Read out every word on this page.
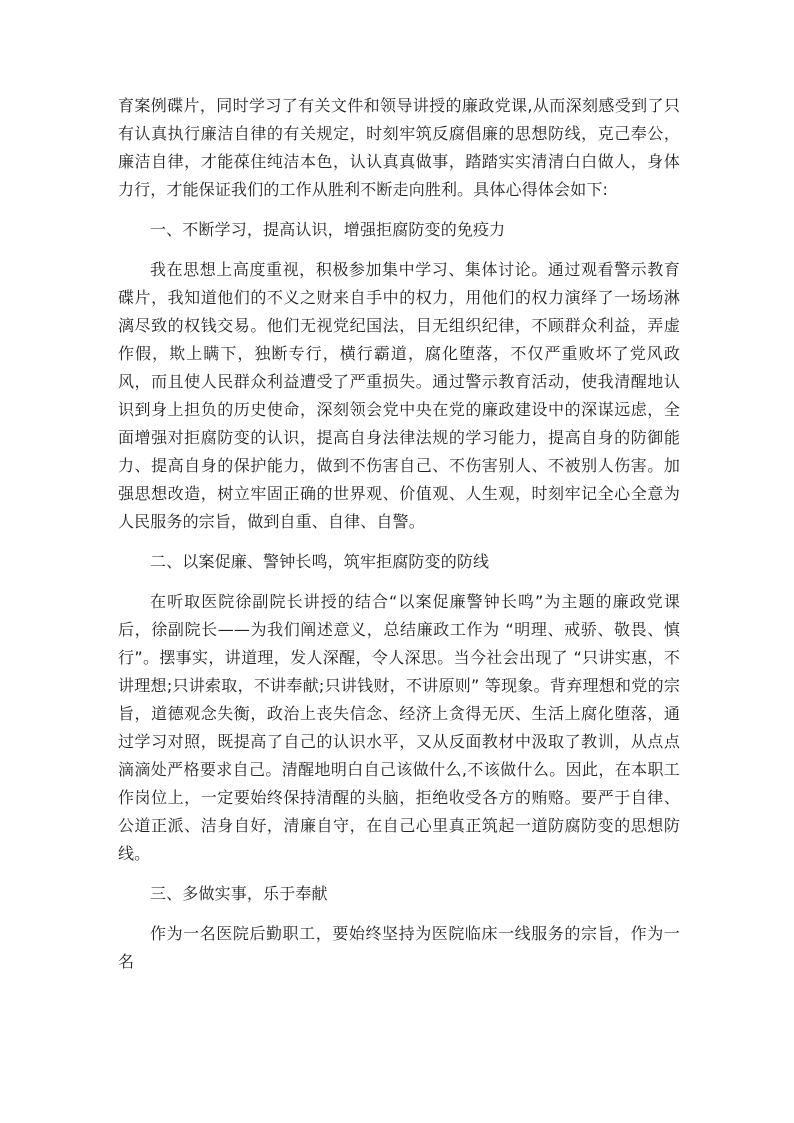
育案例碟片，同时学习了有关文件和领导讲授的廉政党课,从而深刻感受到了只有认真执行廉洁自律的有关规定，时刻牢筑反腐倡廉的思想防线，克己奉公，廉洁自律，才能葆住纯洁本色，认认真真做事，踏踏实实清清白白做人，身体力行，才能保证我们的工作从胜利不断走向胜利。具体心得体会如下:

一、不断学习，提高认识，增强拒腐防变的免疫力

我在思想上高度重视，积极参加集中学习、集体讨论。通过观看警示教育碟片，我知道他们的不义之财来自手中的权力，用他们的权力演绎了一场场淋漓尽致的权钱交易。他们无视党纪国法，目无组织纪律，不顾群众利益，弄虚作假，欺上瞒下，独断专行，横行霸道，腐化堕落，不仅严重败坏了党风政风，而且使人民群众利益遭受了严重损失。通过警示教育活动，使我清醒地认识到身上担负的历史使命，深刻领会党中央在党的廉政建设中的深谋远虑，全面增强对拒腐防变的认识，提高自身法律法规的学习能力，提高自身的防御能力、提高自身的保护能力，做到不伤害自己、不伤害别人、不被别人伤害。加强思想改造，树立牢固正确的世界观、价值观、人生观，时刻牢记全心全意为人民服务的宗旨，做到自重、自律、自警。

二、以案促廉、警钟长鸣，筑牢拒腐防变的防线

在听取医院徐副院长讲授的结合“以案促廉警钟长鸣”为主题的廉政党课后，徐副院长——为我们阐述意义，总结廉政工作为 “明理、戒骄、敬畏、慎行”。摆事实，讲道理，发人深醒，令人深思。当今社会出现了 “只讲实惠，不讲理想;只讲索取，不讲奉献;只讲钱财，不讲原则” 等现象。背弃理想和党的宗旨，道德观念失衡，政治上丧失信念、经济上贪得无厌、生活上腐化堕落，通过学习对照，既提高了自己的认识水平，又从反面教材中汲取了教训，从点点滴滴处严格要求自己。清醒地明白自己该做什么,不该做什么。因此，在本职工作岗位上，一定要始终保持清醒的头脑，拒绝收受各方的贿赂。要严于自律、公道正派、洁身自好，清廉自守，在自己心里真正筑起一道防腐防变的思想防线。

三、多做实事，乐于奉献

作为一名医院后勤职工，要始终坚持为医院临床一线服务的宗旨，作为一名
